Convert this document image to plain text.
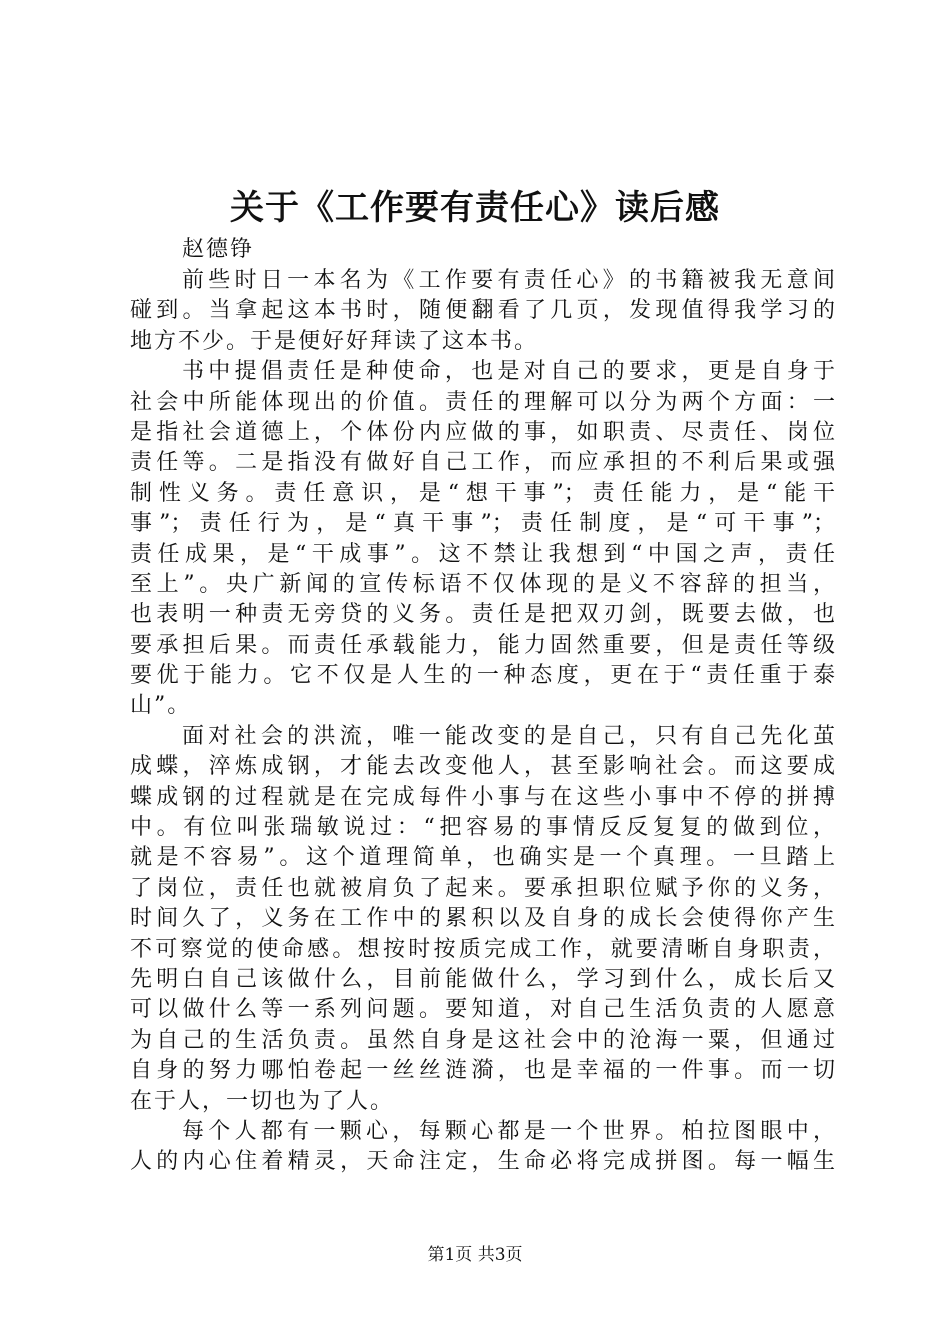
关于《工作要有责任心》读后感
赵德铮
前些时日一本名为《工作要有责任心》的书籍被我无意间
碰到。当拿起这本书时，随便翻看了几页，发现值得我学习的
地方不少。于是便好好拜读了这本书。
书中提倡责任是种使命，也是对自己的要求，更是自身于
社会中所能体现出的价值。责任的理解可以分为两个方面：一
是指社会道德上，个体份内应做的事，如职责、尽责任、岗位
责任等。二是指没有做好自己工作，而应承担的不利后果或强
制性义务。责任意识，是“想干事”；责任能力，是“能干
事”；责任行为，是“真干事”；责任制度，是“可干事”；
责任成果，是“干成事”。这不禁让我想到“中国之声，责任
至上”。央广新闻的宣传标语不仅体现的是义不容辞的担当，
也表明一种责无旁贷的义务。责任是把双刃剑，既要去做，也
要承担后果。而责任承载能力，能力固然重要，但是责任等级
要优于能力。它不仅是人生的一种态度，更在于“责任重于泰
山”。
面对社会的洪流，唯一能改变的是自己，只有自己先化茧
成蝶，淬炼成钢，才能去改变他人，甚至影响社会。而这要成
蝶成钢的过程就是在完成每件小事与在这些小事中不停的拼搏
中。有位叫张瑞敏说过：“把容易的事情反反复复的做到位，
就是不容易”。这个道理简单，也确实是一个真理。一旦踏上
了岗位，责任也就被肩负了起来。要承担职位赋予你的义务，
时间久了，义务在工作中的累积以及自身的成长会使得你产生
不可察觉的使命感。想按时按质完成工作，就要清晰自身职责，
先明白自己该做什么，目前能做什么，学习到什么，成长后又
可以做什么等一系列问题。要知道，对自己生活负责的人愿意
为自己的生活负责。虽然自身是这社会中的沧海一粟，但通过
自身的努力哪怕卷起一丝丝涟漪，也是幸福的一件事。而一切
在于人，一切也为了人。
每个人都有一颗心，每颗心都是一个世界。柏拉图眼中，
人的内心住着精灵，天命注定，生命必将完成拼图。每一幅生
第1页 共3页
